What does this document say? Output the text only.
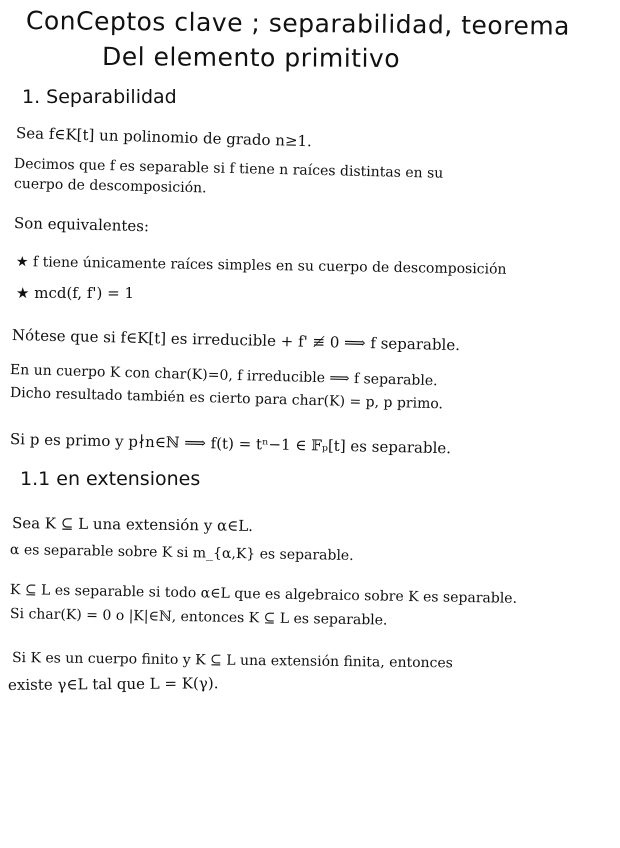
ConCeptos clave ; separabilidad, teorema
Del elemento primitivo
1. Separabilidad
Sea f∈K[t] un polinomio de grado n≥1.
Decimos que f es separable si f tiene n raíces distintas en su
cuerpo de descomposición.
Son equivalentes:
★ f tiene únicamente raíces simples en su cuerpo de descomposición
★ mcd(f, f') = 1
Nótese que si f∈K[t] es irreducible + f' ≢ 0 ⟹ f separable.
En un cuerpo K con char(K)=0, f irreducible ⟹ f separable.
Dicho resultado también es cierto para char(K) = p, p primo.
Si p es primo y p∤n∈ℕ ⟹ f(t) = tⁿ−1 ∈ 𝔽ₚ[t] es separable.
1.1 en extensiones
Sea K ⊆ L una extensión y α∈L.
α es separable sobre K si m_{α,K} es separable.
K ⊆ L es separable si todo α∈L que es algebraico sobre K es separable.
Si char(K) = 0 o |K|∈ℕ, entonces K ⊆ L es separable.
Si K es un cuerpo finito y K ⊆ L una extensión finita, entonces
existe γ∈L tal que L = K(γ).
